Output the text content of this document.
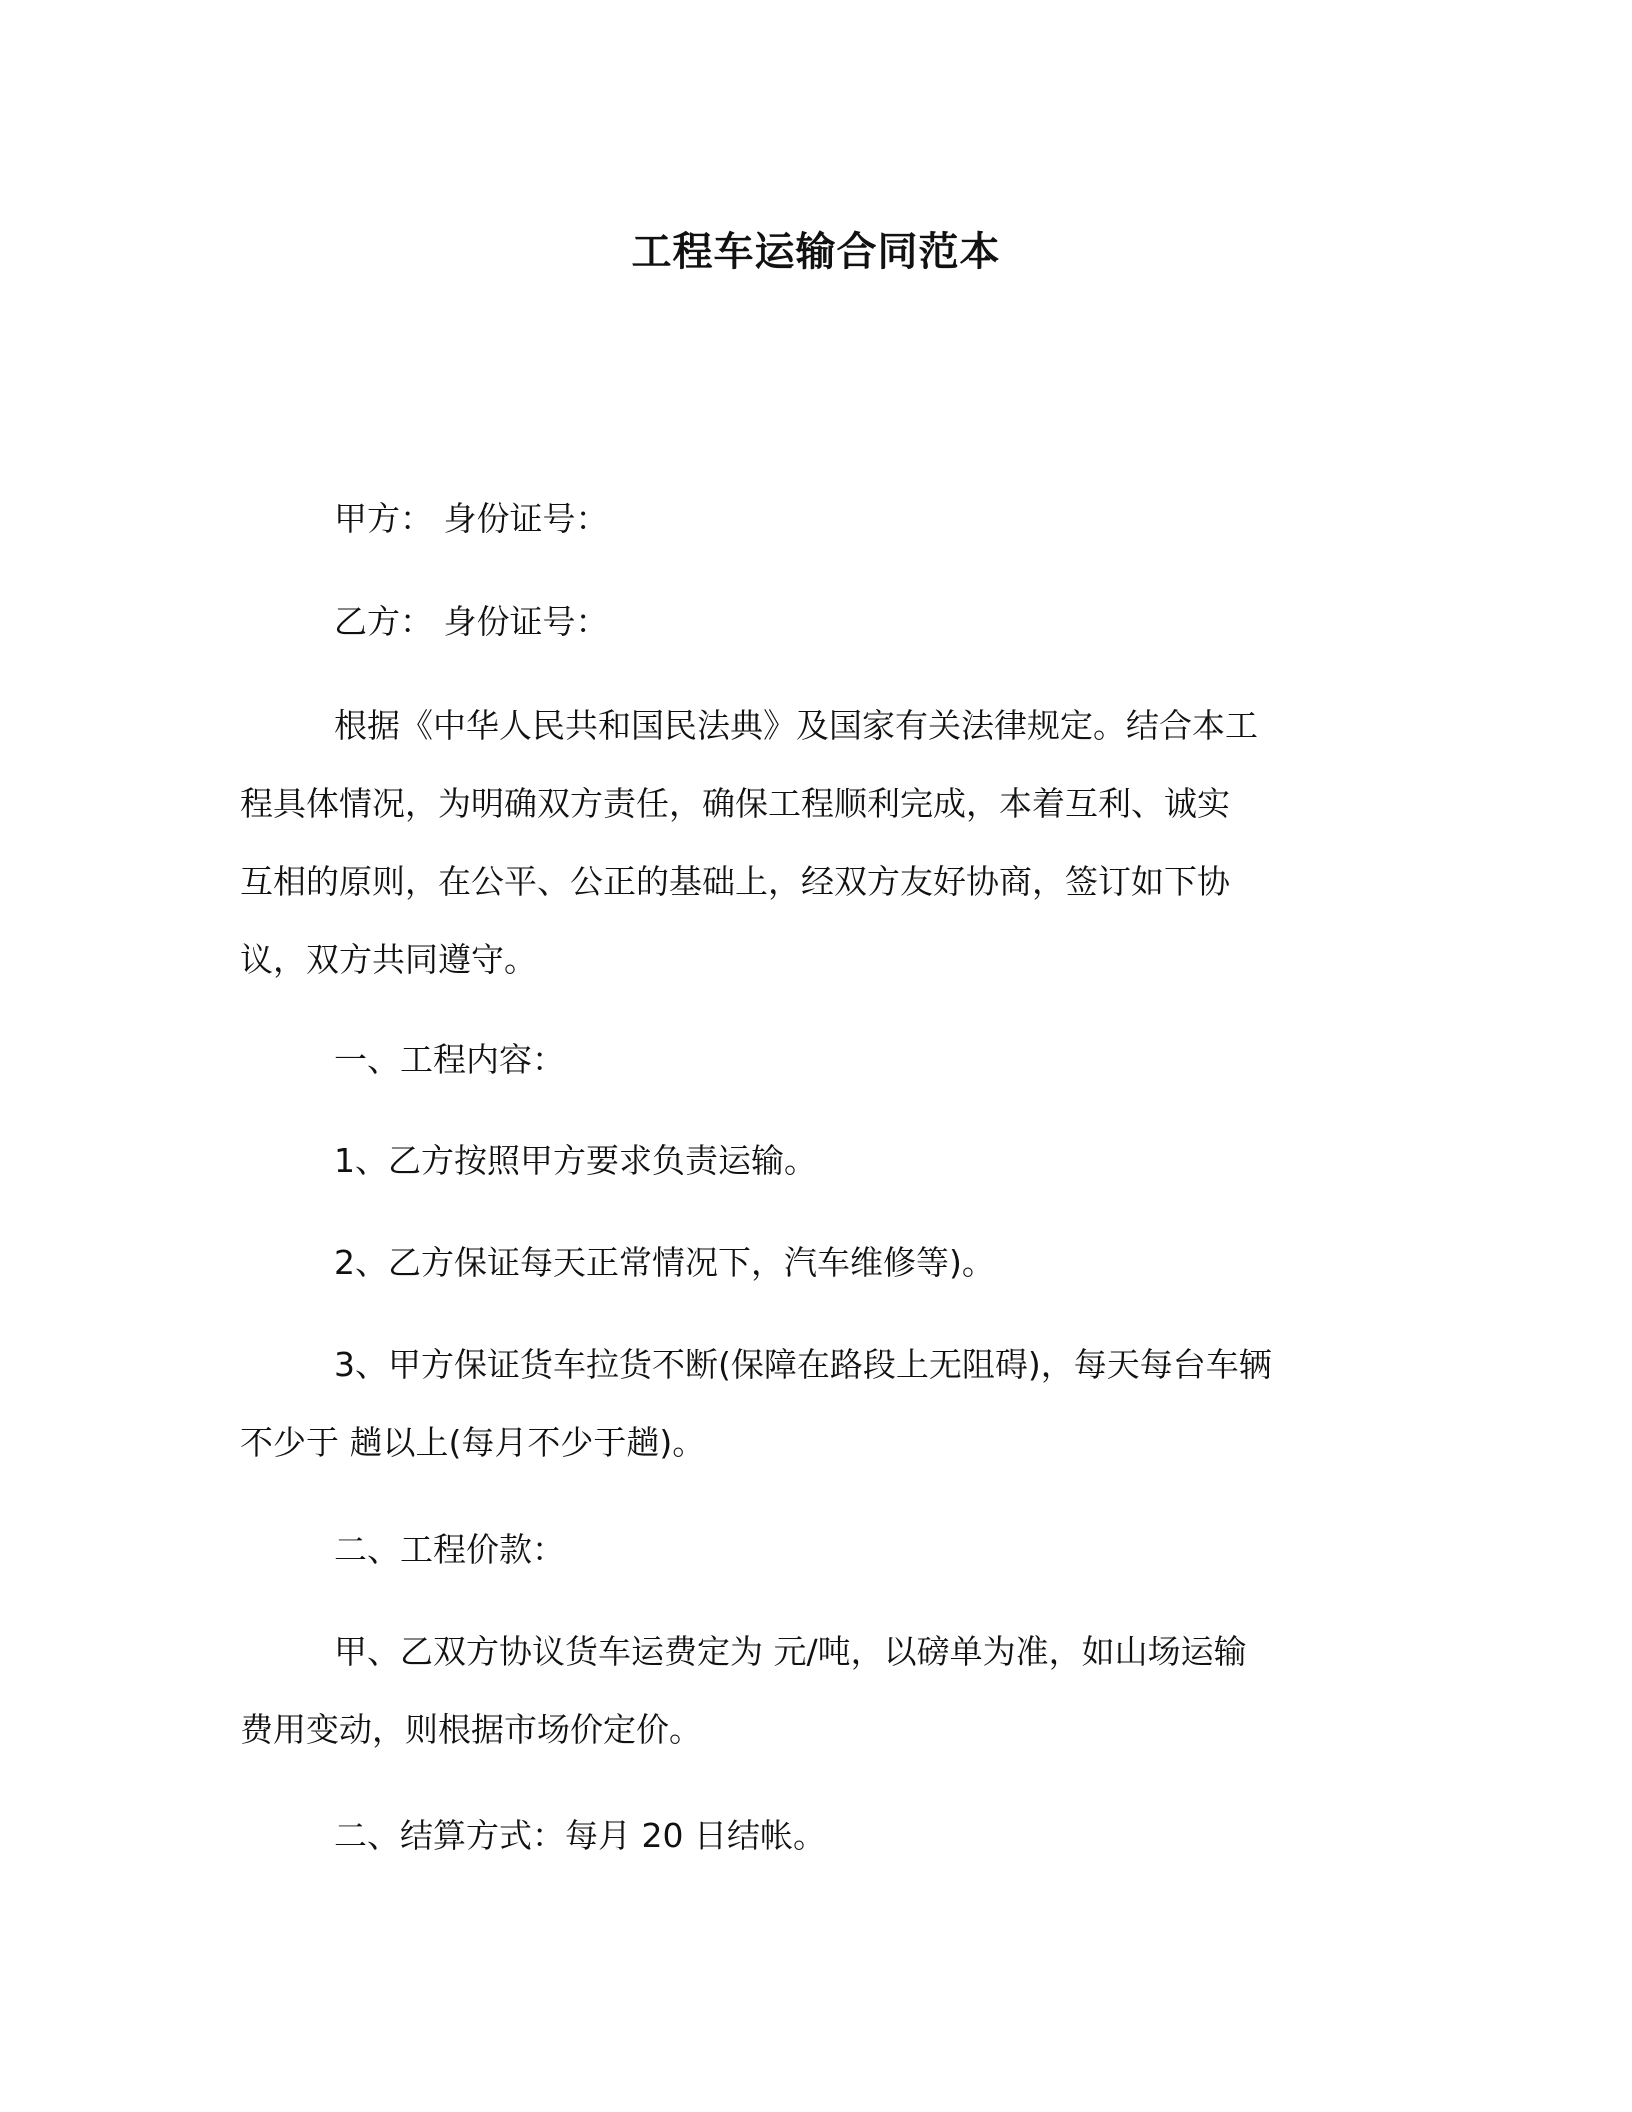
工程车运输合同范本

甲方： 身份证号：

乙方： 身份证号：

根据《中华人民共和国民法典》及国家有关法律规定。结合本工
程具体情况，为明确双方责任，确保工程顺利完成，本着互利、诚实
互相的原则，在公平、公正的基础上，经双方友好协商，签订如下协
议，双方共同遵守。

一、工程内容：

1、乙方按照甲方要求负责运输。

2、乙方保证每天正常情况下，汽车维修等)。

3、甲方保证货车拉货不断(保障在路段上无阻碍)，每天每台车辆
不少于 趟以上(每月不少于趟)。

二、工程价款：

甲、乙双方协议货车运费定为 元/吨，以磅单为准，如山场运输
费用变动，则根据市场价定价。

二、结算方式：每月 20 日结帐。
